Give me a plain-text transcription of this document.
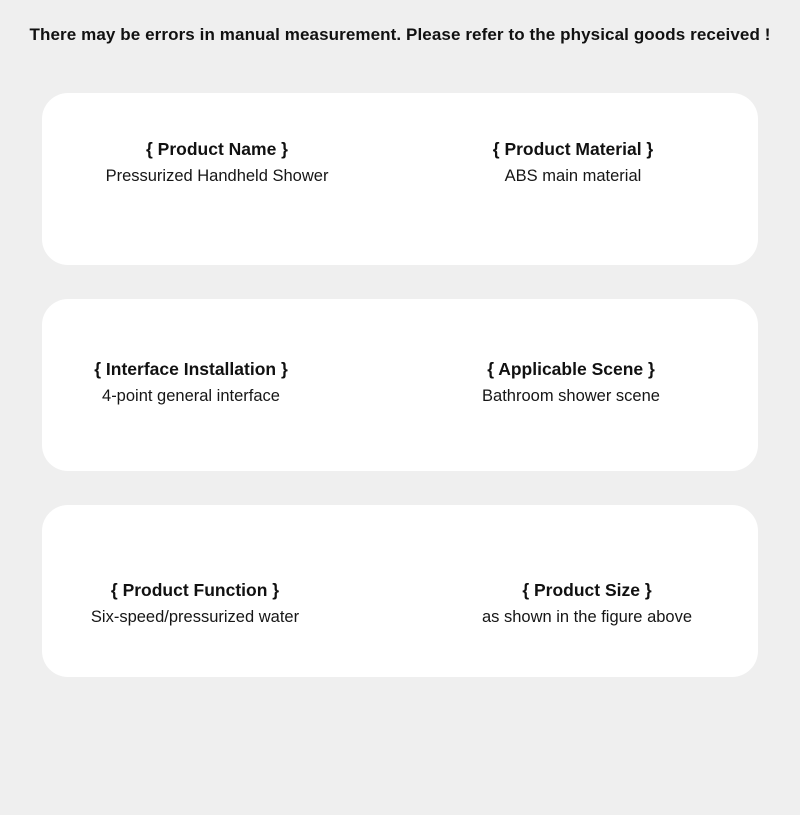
There may be errors in manual measurement. Please refer to the physical goods received !
{ Product Name }
Pressurized Handheld Shower
{ Product Material }
ABS main material
{ Interface Installation }
4-point general interface
{ Applicable Scene }
Bathroom shower scene
{ Product Function }
Six-speed/pressurized water
{ Product Size }
as shown in the figure above
